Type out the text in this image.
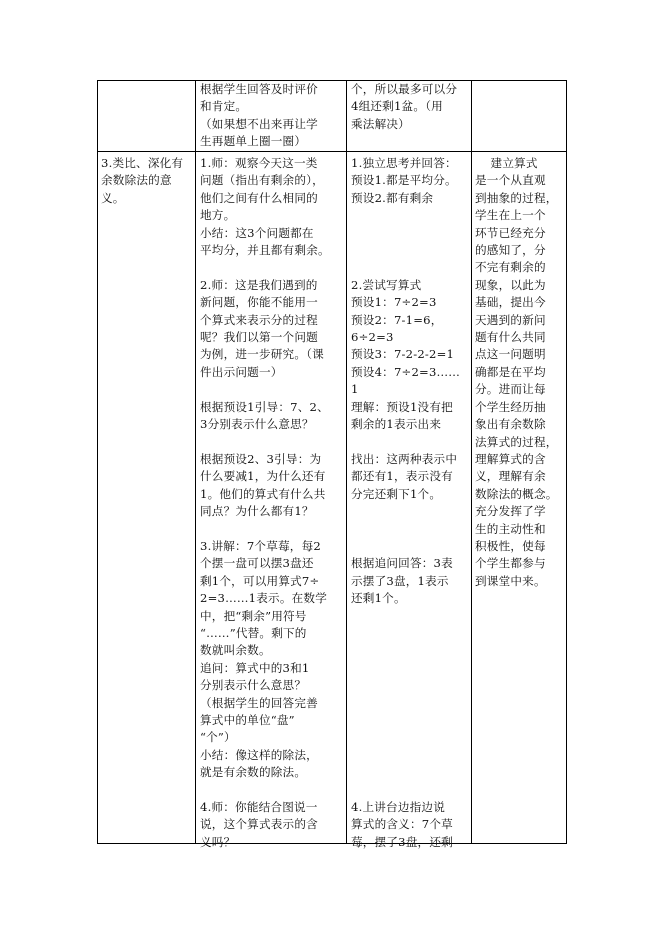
根据学生回答及时评价
和肯定。
（如果想不出来再让学
生再题单上圈一圈）
个，所以最多可以分
4组还剩1盆。（用
乘法解决）
3.类比、深化有
余数除法的意
义。
1.师：观察今天这一类
问题（指出有剩余的），
他们之间有什么相同的
地方。
小结：这3个问题都在
平均分，并且都有剩余。

2.师：这是我们遇到的
新问题，你能不能用一
个算式来表示分的过程
呢？我们以第一个问题
为例，进一步研究。（课
件出示问题一）

根据预设1引导：7、2、
3分别表示什么意思？

根据预设2、3引导：为
什么要减1，为什么还有
1。他们的算式有什么共
同点？为什么都有1？

3.讲解：7个草莓，每2
个摆一盘可以摆3盘还
剩1个，可以用算式7÷
2=3……1表示。在数学
中，把“剩余”用符号
“……”代替。剩下的
数就叫余数。
追问：算式中的3和1
分别表示什么意思？
（根据学生的回答完善
算式中的单位“盘”
“个”）
小结：像这样的除法，
就是有余数的除法。

4.师：你能结合图说一
说，这个算式表示的含
义吗？
1.独立思考并回答：
预设1.都是平均分。
预设2.都有剩余

2.尝试写算式
预设1：7÷2=3
预设2：7-1=6，
6÷2=3
预设3：7-2-2-2=1
预设4：7÷2=3……
1
理解：预设1没有把
剩余的1表示出来

找出：这两种表示中
都还有1，表示没有
分完还剩下1个。

根据追问回答：3表
示摆了3盘，1表示
还剩1个。

4.上讲台边指边说
算式的含义：7个草
莓，摆了3盘，还剩
建立算式
是一个从直观
到抽象的过程，
学生在上一个
环节已经充分
的感知了，分
不完有剩余的
现象，以此为
基础，提出今
天遇到的新问
题有什么共同
点这一问题明
确都是在平均
分。进而让每
个学生经历抽
象出有余数除
法算式的过程，
理解算式的含
义，理解有余
数除法的概念。
充分发挥了学
生的主动性和
积极性，使每
个学生都参与
到课堂中来。
